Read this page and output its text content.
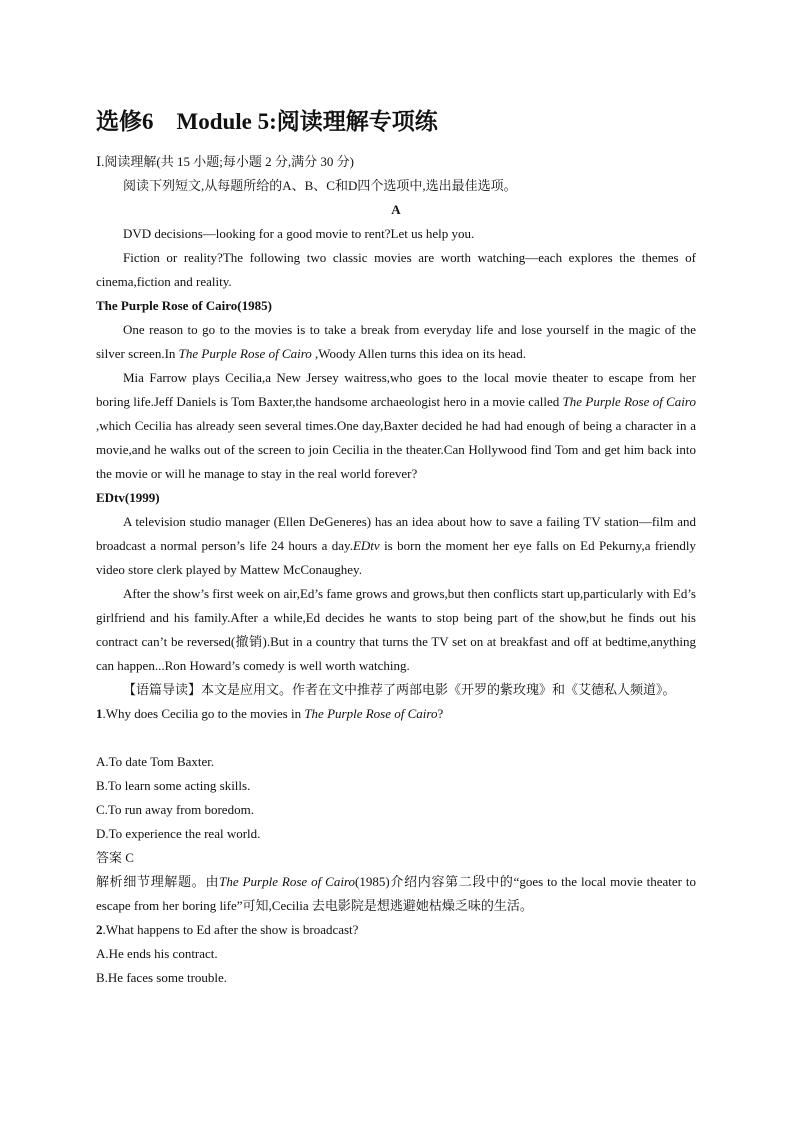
选修6　Module 5:阅读理解专项练

Ⅰ.阅读理解(共 15 小题;每小题 2 分,满分 30 分)

阅读下列短文,从每题所给的A、B、C和D四个选项中,选出最佳选项。

A

DVD decisions—looking for a good movie to rent?Let us help you.

Fiction or reality?The following two classic movies are worth watching—each explores the themes of cinema,fiction and reality.

The Purple Rose of Cairo(1985)

One reason to go to the movies is to take a break from everyday life and lose yourself in the magic of the silver screen.In The Purple Rose of Cairo ,Woody Allen turns this idea on its head.

Mia Farrow plays Cecilia,a New Jersey waitress,who goes to the local movie theater to escape from her boring life.Jeff Daniels is Tom Baxter,the handsome archaeologist hero in a movie called The Purple Rose of Cairo ,which Cecilia has already seen several times.One day,Baxter decided he had had enough of being a character in a movie,and he walks out of the screen to join Cecilia in the theater.Can Hollywood find Tom and get him back into the movie or will he manage to stay in the real world forever?

EDtv(1999)

A television studio manager (Ellen DeGeneres) has an idea about how to save a failing TV station—film and broadcast a normal person’s life 24 hours a day.EDtv is born the moment her eye falls on Ed Pekurny,a friendly video store clerk played by Mattew McConaughey.

After the show’s first week on air,Ed’s fame grows and grows,but then conflicts start up,particularly with Ed’s girlfriend and his family.After a while,Ed decides he wants to stop being part of the show,but he finds out his contract can’t be reversed(撤销).But in a country that turns the TV set on at breakfast and off at bedtime,anything can happen...Ron Howard’s comedy is well worth watching.

【语篇导读】本文是应用文。作者在文中推荐了两部电影《开罗的紫玫瑰》和《艾德私人频道》。

1.Why does Cecilia go to the movies in The Purple Rose of Cairo?

A.To date Tom Baxter.

B.To learn some acting skills.

C.To run away from boredom.

D.To experience the real world.

答案 C

解析细节理解题。由The Purple Rose of Cairo(1985)介绍内容第二段中的“goes to the local movie theater to escape from her boring life”可知,Cecilia 去电影院是想逃避她枯燥乏味的生活。

2.What happens to Ed after the show is broadcast?

A.He ends his contract.

B.He faces some trouble.
